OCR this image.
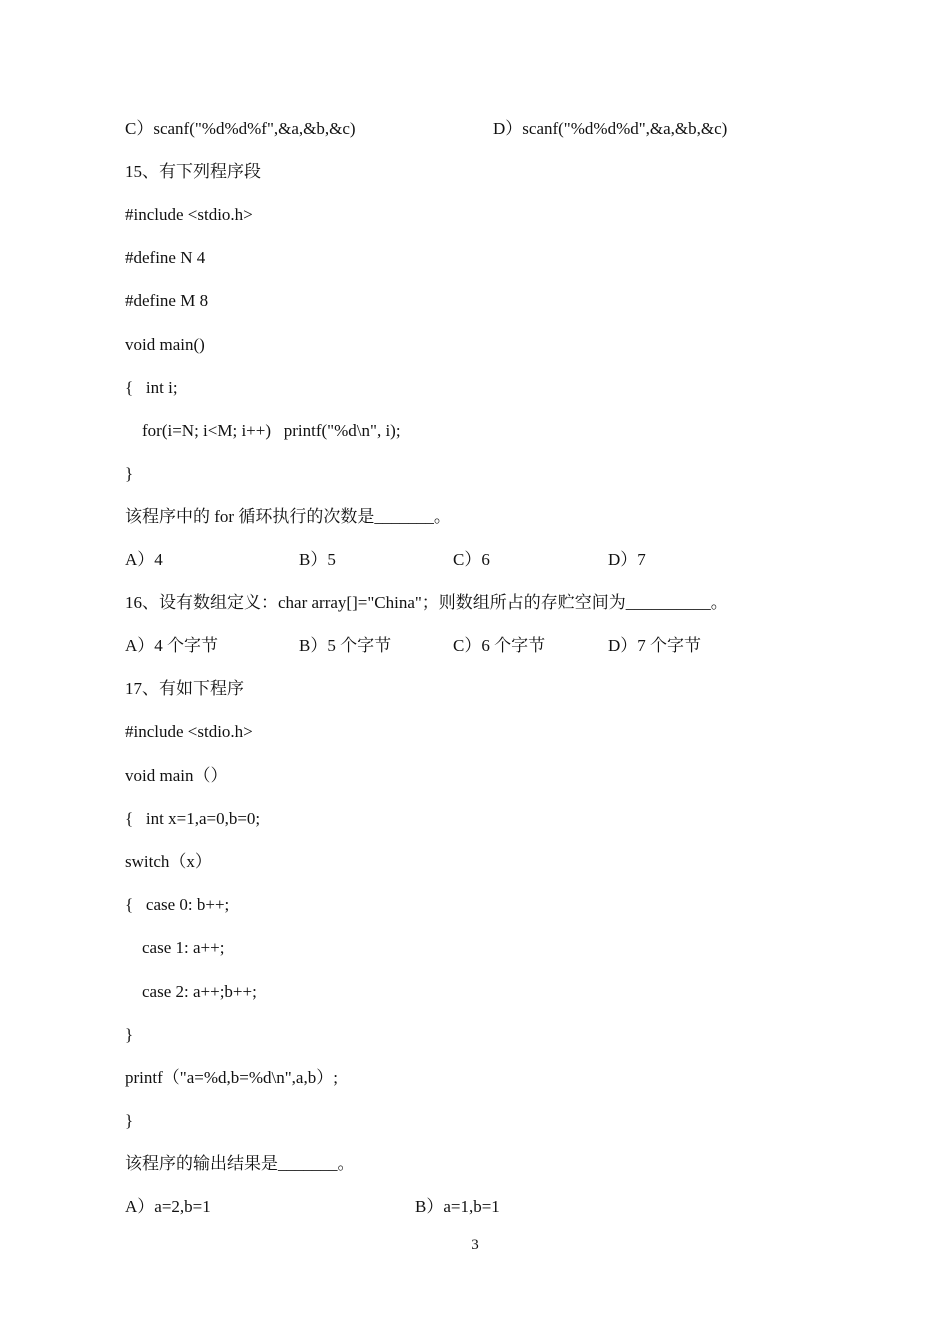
C）scanf("%d%d%f",&a,&b,&c)	D）scanf("%d%d%d",&a,&b,&c)
15、有下列程序段
#include <stdio.h>
#define N 4
#define M 8
void main()
{   int i;
for(i=N; i<M; i++)   printf("%d\n", i);
}
该程序中的 for 循环执行的次数是_______。
A）4	B）5	C）6	D）7
16、设有数组定义：char array[]="China"；则数组所占的存贮空间为__________。
A）4 个字节	B）5 个字节	C）6 个字节	D）7 个字节
17、有如下程序
#include <stdio.h>
void main（）
{   int x=1,a=0,b=0;
switch（x）
{   case 0: b++;
case 1: a++;
case 2: a++;b++;
}
printf（"a=%d,b=%d\n",a,b）;
}
该程序的输出结果是_______。
A）a=2,b=1	B）a=1,b=1
3
